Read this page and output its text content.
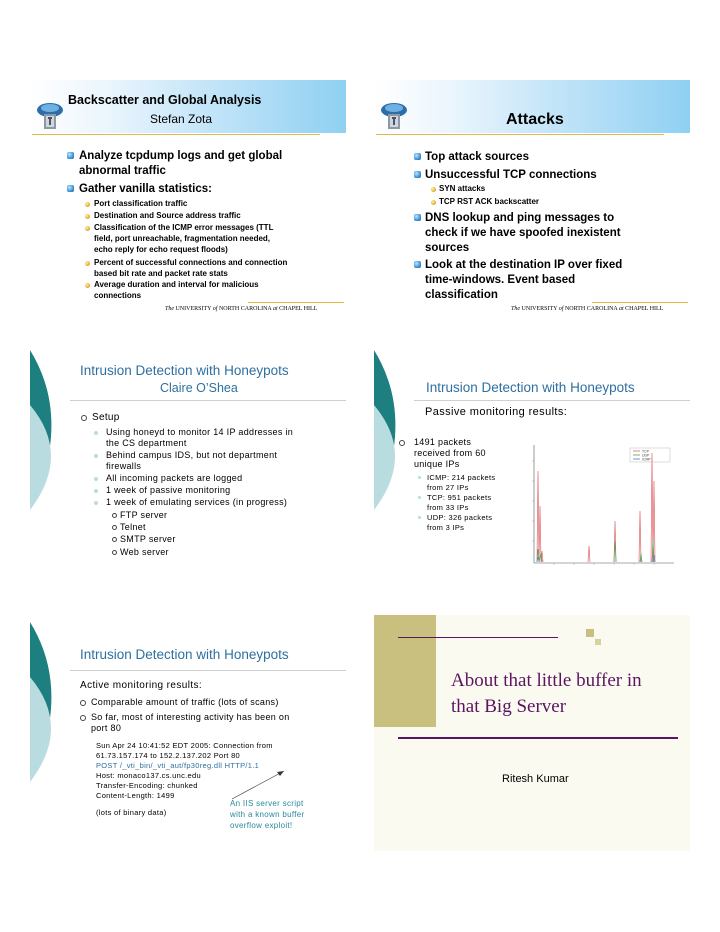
Backscatter and Global Analysis
Stefan Zota
Analyze tcpdump logs and get global
abnormal traffic
Gather vanilla statistics:
Port classification traffic
Destination and Source address traffic
Classification of the ICMP error messages (TTL
field, port unreachable, fragmentation needed,
echo reply for echo request floods)
Percent of successful connections and connection
based bit rate and packet rate stats
Average duration and interval for malicious
connections
The UNIVERSITY of NORTH CAROLINA at CHAPEL HILL
Attacks
Top attack sources
Unsuccessful TCP connections
SYN attacks
TCP RST ACK backscatter
DNS lookup and ping messages to
check if we have spoofed inexistent
sources
Look at the destination IP over fixed
time-windows. Event based
classification
The UNIVERSITY of NORTH CAROLINA at CHAPEL HILL
Intrusion Detection with Honeypots
Claire O’Shea
Setup
Using honeyd to monitor 14 IP addresses in
the CS department
Behind campus IDS, but not department
firewalls
All incoming packets are logged
1 week of passive monitoring
1 week of emulating services (in progress)
FTP server
Telnet
SMTP server
Web server
Intrusion Detection with Honeypots
Passive monitoring results:
1491 packets
received from 60
unique IPs
ICMP: 214 packets
from 27 IPs
TCP: 951 packets
from 33 IPs
UDP: 326 packets
from 3 IPs
TCP
UDP
ICMP
Intrusion Detection with Honeypots
Active monitoring results:
Comparable amount of traffic (lots of scans)
So far, most of interesting activity has been on
port 80
Sun Apr 24 10:41:52 EDT 2005: Connection from
61.73.157.174 to 152.2.137.202 Port 80
POST /_vti_bin/_vti_aut/fp30reg.dll HTTP/1.1
Host: monaco137.cs.unc.edu
Transfer-Encoding: chunked
Content-Length: 1499
(lots of binary data)
An IIS server script
with a known buffer
overflow exploit!
About that little buffer in
that Big Server
Ritesh Kumar
